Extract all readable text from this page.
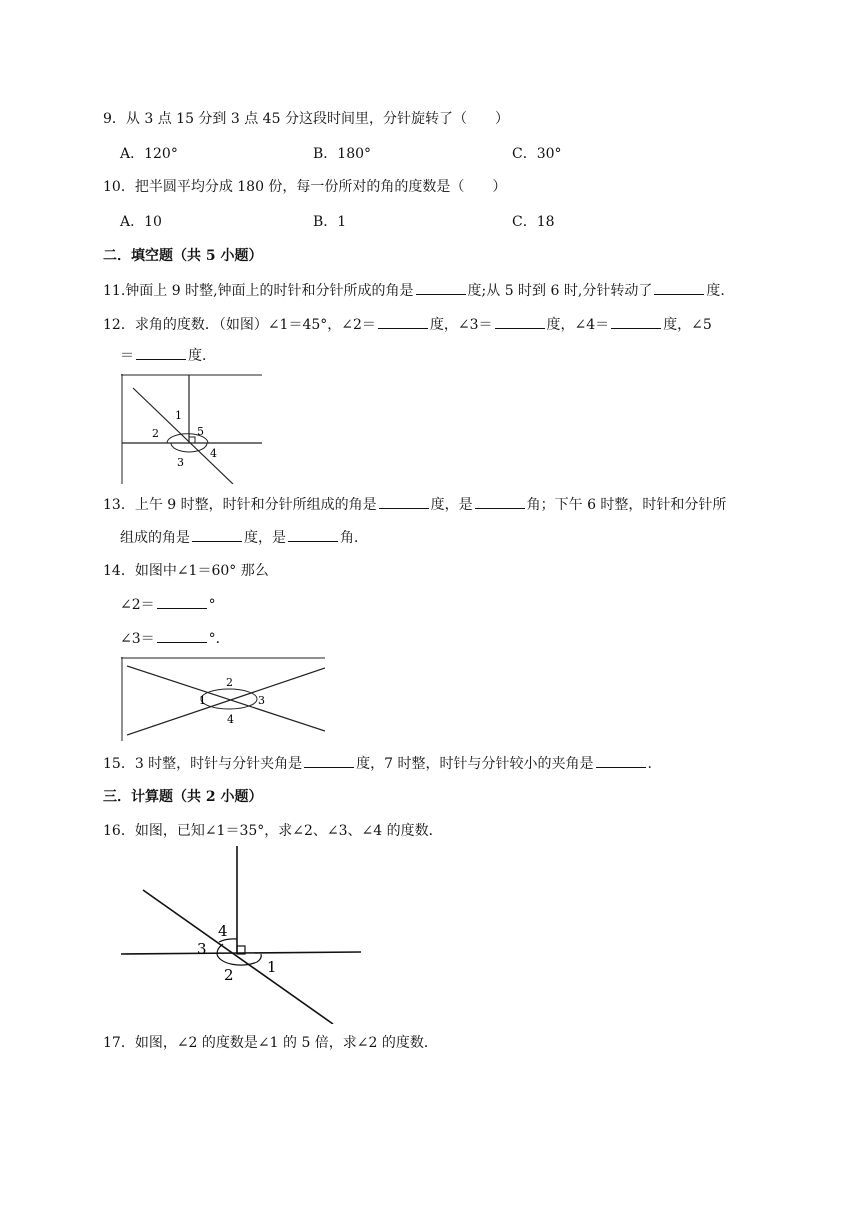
9．从 3 点 15 分到 3 点 45 分这段时间里，分针旋转了（　　）
A．120°	B．180°	C．30°
10．把半圆平均分成 180 份，每一份所对的角的度数是（　　）
A．10	B．1	C．18
二．填空题（共 5 小题）
11.钟面上 9 时整,钟面上的时针和分针所成的角是	度;从 5 时到 6 时,分针转动了	度.
12．求角的度数．（如图）∠1＝45°，∠2＝	度，∠3＝	度，∠4＝	度，∠5
＝	度．
1
2
3
4
5
13．上午 9 时整，时针和分针所组成的角是	度，是	角；下午 6 时整，时针和分针所
组成的角是	度，是	角．
14．如图中∠1＝60° 那么
∠2＝	°
∠3＝	°．
1
2
3
4
15．3 时整，时针与分针夹角是	度，7 时整，时针与分针较小的夹角是	.
三．计算题（共 2 小题）
16．如图，已知∠1＝35°，求∠2、∠3、∠4 的度数．
1
2
3
4
17．如图，∠2 的度数是∠1 的 5 倍，求∠2 的度数．
